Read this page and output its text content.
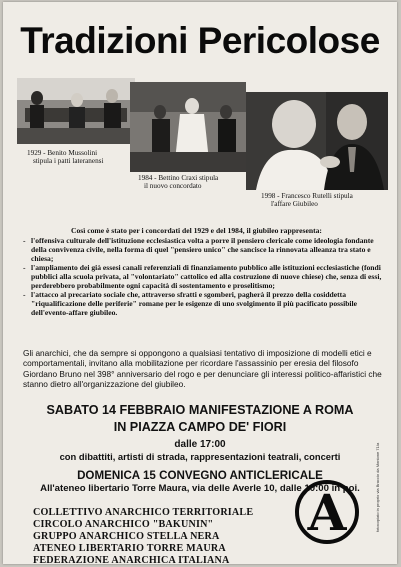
Tradizioni Pericolose
1929 - Benito Mussolini
stipula i patti lateranensi
1984 - Bettino Craxi stipula
il nuovo concordato
1998 - Francesco Rutelli stipula
l'affare Giubileo
Così come è stato per i concordati del 1929 e del 1984, il giubileo rappresenta:
- l'offensiva culturale dell'istituzione ecclesiastica volta a porre il pensiero clericale come ideologia fondante della convivenza civile, nella forma di quel "pensiero unico" che sancisce la rinnovata alleanza tra stato e chiesa;
- l'ampliamento dei già essesi canali referenziali di finanziamento pubblico alle istituzioni ecclesiastiche (fondi pubblici alla scuola privata, al "volontariato" cattolico ed alla costruzione di nuove chiese) che, senza di essi, perderebbero probabilmente ogni capacità di sostentamento e proselitismo;
- l'attacco al precariato sociale che, attraverso sfratti e sgomberi, pagherà il prezzo della cosiddetta "riqualificazione delle periferie" romane per le esigenze di uno svolgimento il più pacificato possibile dell'evento-affare giubileo.
Gli anarchici, che da sempre si oppongono a qualsiasi tentativo di imposizione di modelli etici e comportamentali, invitano alla mobilitazione per ricordare l'assassinio per eresia del filosofo Giordano Bruno nel 398° anniversario del rogo e per denunciare gli interessi politico-affaristici che stanno dietro all'organizzazione del giubileo.
SABATO 14 FEBBRAIO MANIFESTAZIONE A ROMA
IN PIAZZA CAMPO DE' FIORI
dalle 17:00
con dibattiti, artisti di strada, rappresentazioni teatrali, concerti
DOMENICA 15 CONVEGNO ANTICLERICALE
All'ateneo libertario Torre Maura, via delle Averle 10, dalle 10:00 in poi.
COLLETTIVO ANARCHICO TERRITORIALE
CIRCOLO ANARCHICO "BAKUNIN"
GRUPPO ANARCHICO STELLA NERA
ATENEO LIBERTARIO TORRE MAURA
FEDERAZIONE ANARCHICA ITALIANA
A	fotocopiato in proprio via Braccio da Montone 71/a
